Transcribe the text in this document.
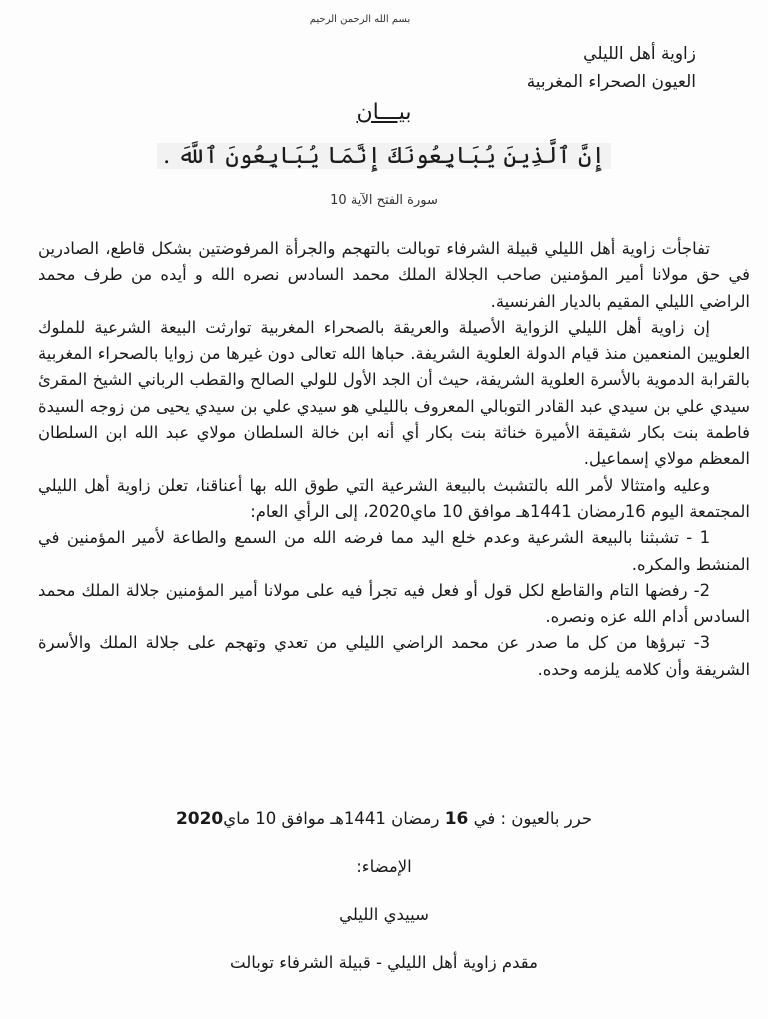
بسم الله الرحمن الرحيم
زاوية أهل الليلي
العيون الصحراء المغربية
بيـــان
إِنَّ ٱلَّذِينَ يُبَايِعُونَكَ إِنَّمَا يُبَايِعُونَ ٱللَّهَ .
سورة الفتح الآية 10

تفاجأت زاوية أهل الليلي قبيلة الشرفاء توبالت بالتهجم والجرأة المرفوضتين بشكل قاطع، الصادرين في حق مولانا أمير المؤمنين صاحب الجلالة الملك محمد السادس نصره الله و أيده من طرف محمد الراضي الليلي المقيم بالديار الفرنسية.

إن زاوية أهل الليلي الزواية الأصيلة والعريقة بالصحراء المغربية توارثت البيعة الشرعية للملوك العلويين المنعمين منذ قيام الدولة العلوية الشريفة. حباها الله تعالى دون غيرها من زوايا بالصحراء المغربية بالقرابة الدموية بالأسرة العلوية الشريفة، حيث أن الجد الأول للولي الصالح والقطب الرباني الشيخ المقرئ سيدي علي بن سيدي عبد القادر التوبالي المعروف بالليلي هو سيدي علي بن سيدي يحيى من زوجه السيدة فاطمة بنت بكار شقيقة الأميرة خناثة بنت بكار أي أنه ابن خالة السلطان مولاي عبد الله ابن السلطان المعظم مولاي إسماعيل.

وعليه وامتثالا لأمر الله بالتشبث بالبيعة الشرعية التي طوق الله بها أعناقنا، تعلن زاوية أهل الليلي المجتمعة اليوم 16رمضان 1441هـ موافق 10 ماي2020، إلى الرأي العام:

1 - تشبثنا بالبيعة الشرعية وعدم خلع اليد مما فرضه الله من السمع والطاعة لأمير المؤمنين في المنشط والمكره.

2- رفضها التام والقاطع لكل قول أو فعل فيه تجرأ فيه على مولانا أمير المؤمنين جلالة الملك محمد السادس أدام الله عزه ونصره.

3- تبرؤها من كل ما صدر عن محمد الراضي الليلي من تعدي وتهجم على جلالة الملك والأسرة الشريفة وأن كلامه يلزمه وحده.

حرر بالعيون : في 16 رمضان 1441هـ موافق 10 ماي2020
الإمضاء:
سييدي الليلي
مقدم زاوية أهل الليلي - قبيلة الشرفاء توبالت
